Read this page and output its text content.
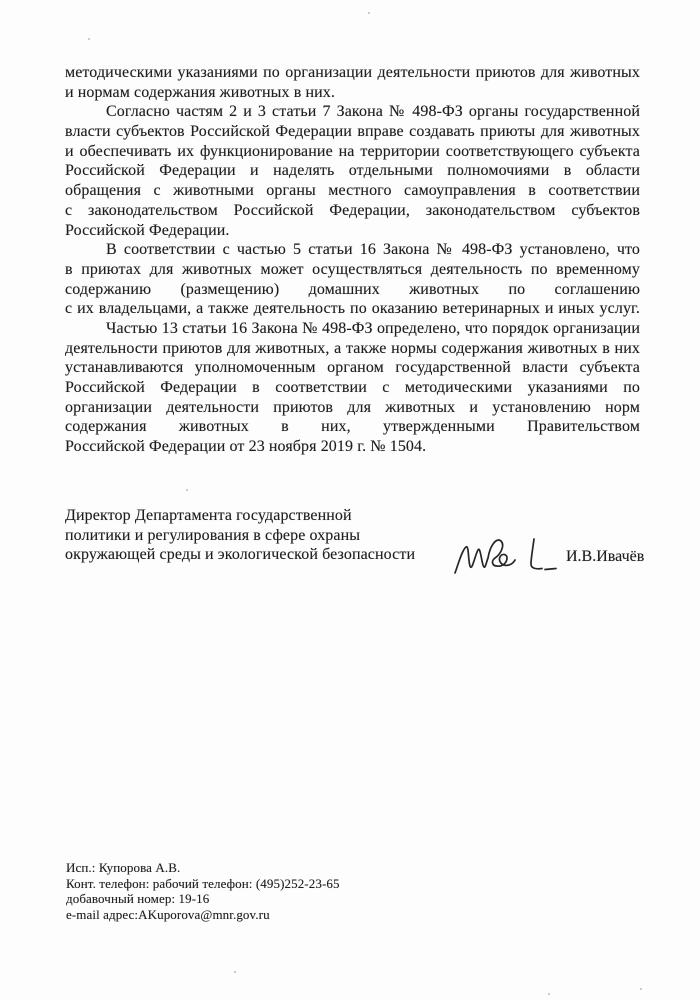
методическими указаниями по организации деятельности приютов для животных
и нормам содержания животных в них.
Согласно частям 2 и 3 статьи 7 Закона № 498-ФЗ органы государственной
власти субъектов Российской Федерации вправе создавать приюты для животных
и обеспечивать их функционирование на территории соответствующего субъекта
Российской Федерации и наделять отдельными полномочиями в области
обращения с животными органы местного самоуправления в соответствии
с законодательством Российской Федерации, законодательством субъектов
Российской Федерации.
В соответствии с частью 5 статьи 16 Закона № 498-ФЗ установлено, что
в приютах для животных может осуществляться деятельность по временному
содержанию (размещению) домашних животных по соглашению
с их владельцами, а также деятельность по оказанию ветеринарных и иных услуг.
Частью 13 статьи 16 Закона № 498-ФЗ определено, что порядок организации
деятельности приютов для животных, а также нормы содержания животных в них
устанавливаются уполномоченным органом государственной власти субъекта
Российской Федерации в соответствии с методическими указаниями по
организации деятельности приютов для животных и установлению норм
содержания животных в них, утвержденными Правительством
Российской Федерации от 23 ноября 2019 г. № 1504.
Директор Департамента государственной
политики и регулирования в сфере охраны
окружающей среды и экологической безопасности	И.В.Ивачёв
Исп.: Купорова А.В.
Конт. телефон: рабочий телефон: (495)252-23-65
добавочный номер: 19-16
e-mail адрес:AKuporova@mnr.gov.ru
